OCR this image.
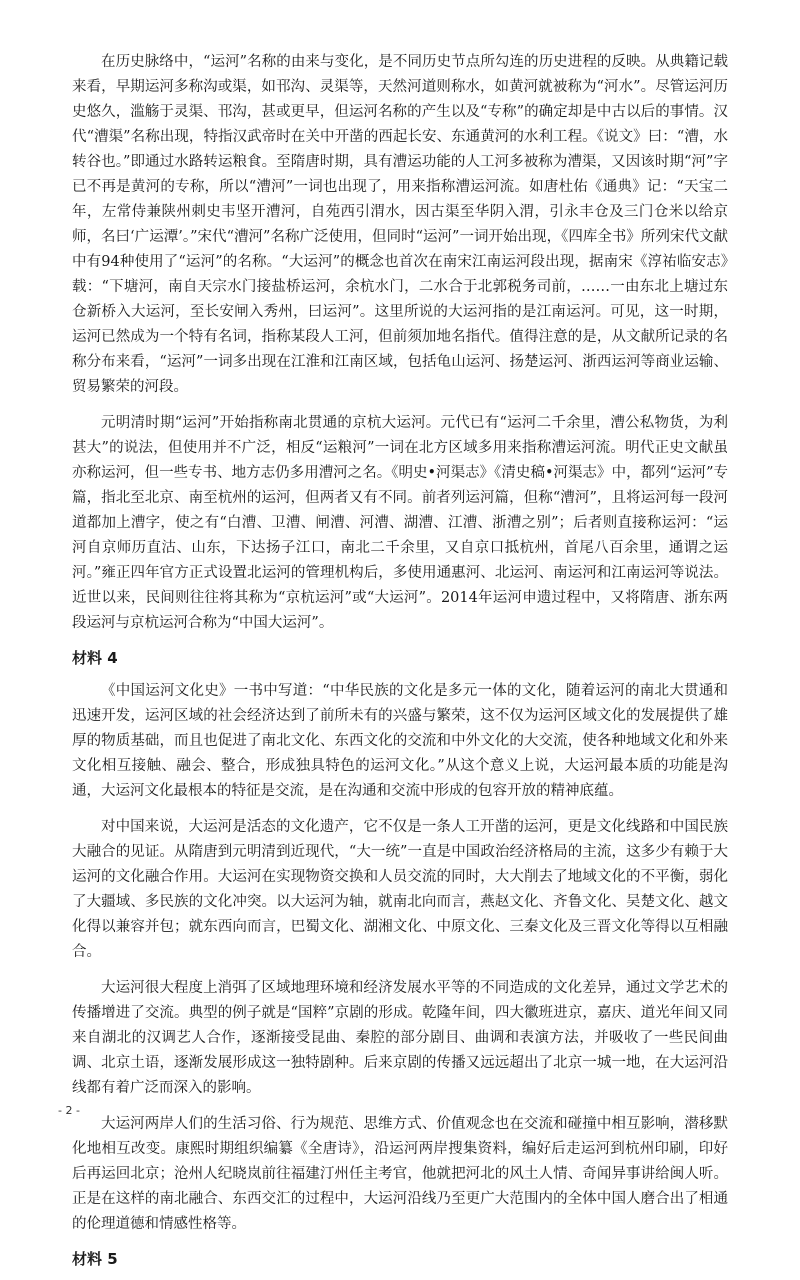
在历史脉络中，“运河”名称的由来与变化，是不同历史节点所勾连的历史进程的反映。从典籍记载来看，早期运河多称沟或渠，如邗沟、灵渠等，天然河道则称水，如黄河就被称为“河水”。尽管运河历史悠久，滥觞于灵渠、邗沟，甚或更早，但运河名称的产生以及“专称”的确定却是中古以后的事情。汉代“漕渠”名称出现，特指汉武帝时在关中开凿的西起长安、东通黄河的水利工程。《说文》曰：“漕，水转谷也。”即通过水路转运粮食。至隋唐时期，具有漕运功能的人工河多被称为漕渠，又因该时期“河”字已不再是黄河的专称，所以“漕河”一词也出现了，用来指称漕运河流。如唐杜佑《通典》记：“天宝二年，左常侍兼陕州刺史韦坚开漕河，自苑西引渭水，因古渠至华阴入渭，引永丰仓及三门仓米以给京师，名曰‘广运潭’。”宋代“漕河”名称广泛使用，但同时“运河”一词开始出现，《四库全书》所列宋代文献中有94种使用了“运河”的名称。“大运河”的概念也首次在南宋江南运河段出现，据南宋《淳祐临安志》载：“下塘河，南自天宗水门接盐桥运河，余杭水门，二水合于北郭税务司前，……一由东北上塘过东仓新桥入大运河，至长安闸入秀州，曰运河”。这里所说的大运河指的是江南运河。可见，这一时期，运河已然成为一个特有名词，指称某段人工河，但前须加地名指代。值得注意的是，从文献所记录的名称分布来看，“运河”一词多出现在江淮和江南区域，包括龟山运河、扬楚运河、浙西运河等商业运输、贸易繁荣的河段。

元明清时期“运河”开始指称南北贯通的京杭大运河。元代已有“运河二千余里，漕公私物货，为利甚大”的说法，但使用并不广泛，相反“运粮河”一词在北方区域多用来指称漕运河流。明代正史文献虽亦称运河，但一些专书、地方志仍多用漕河之名。《明史•河渠志》《清史稿•河渠志》中，都列“运河”专篇，指北至北京、南至杭州的运河，但两者又有不同。前者列运河篇，但称“漕河”，且将运河每一段河道都加上漕字，使之有“白漕、卫漕、闸漕、河漕、湖漕、江漕、浙漕之别”；后者则直接称运河：“运河自京师历直沽、山东，下达扬子江口，南北二千余里，又自京口抵杭州，首尾八百余里，通谓之运河。”雍正四年官方正式设置北运河的管理机构后，多使用通惠河、北运河、南运河和江南运河等说法。近世以来，民间则往往将其称为“京杭运河”或“大运河”。2014年运河申遗过程中，又将隋唐、浙东两段运河与京杭运河合称为“中国大运河”。

材料 4

《中国运河文化史》一书中写道：“中华民族的文化是多元一体的文化，随着运河的南北大贯通和迅速开发，运河区域的社会经济达到了前所未有的兴盛与繁荣，这不仅为运河区域文化的发展提供了雄厚的物质基础，而且也促进了南北文化、东西文化的交流和中外文化的大交流，使各种地域文化和外来文化相互接触、融会、整合，形成独具特色的运河文化。”从这个意义上说，大运河最本质的功能是沟通，大运河文化最根本的特征是交流，是在沟通和交流中形成的包容开放的精神底蕴。

对中国来说，大运河是活态的文化遗产，它不仅是一条人工开凿的运河，更是文化线路和中国民族大融合的见证。从隋唐到元明清到近现代，“大一统”一直是中国政治经济格局的主流，这多少有赖于大运河的文化融合作用。大运河在实现物资交换和人员交流的同时，大大削去了地域文化的不平衡，弱化了大疆域、多民族的文化冲突。以大运河为轴，就南北向而言，燕赵文化、齐鲁文化、吴楚文化、越文化得以兼容并包；就东西向而言，巴蜀文化、湖湘文化、中原文化、三秦文化及三晋文化等得以互相融合。

大运河很大程度上消弭了区域地理环境和经济发展水平等的不同造成的文化差异，通过文学艺术的传播增进了交流。典型的例子就是“国粹”京剧的形成。乾隆年间，四大徽班进京，嘉庆、道光年间又同来自湖北的汉调艺人合作，逐渐接受昆曲、秦腔的部分剧目、曲调和表演方法，并吸收了一些民间曲调、北京土语，逐渐发展形成这一独特剧种。后来京剧的传播又远远超出了北京一城一地，在大运河沿线都有着广泛而深入的影响。

大运河两岸人们的生活习俗、行为规范、思维方式、价值观念也在交流和碰撞中相互影响，潜移默化地相互改变。康熙时期组织编纂《全唐诗》，沿运河两岸搜集资料，编好后走运河到杭州印刷，印好后再运回北京；沧州人纪晓岚前往福建汀州任主考官，他就把河北的风土人情、奇闻异事讲给闽人听。正是在这样的南北融合、东西交汇的过程中，大运河沿线乃至更广大范围内的全体中国人磨合出了相通的伦理道德和情感性格等。

材料 5
- 2 -
